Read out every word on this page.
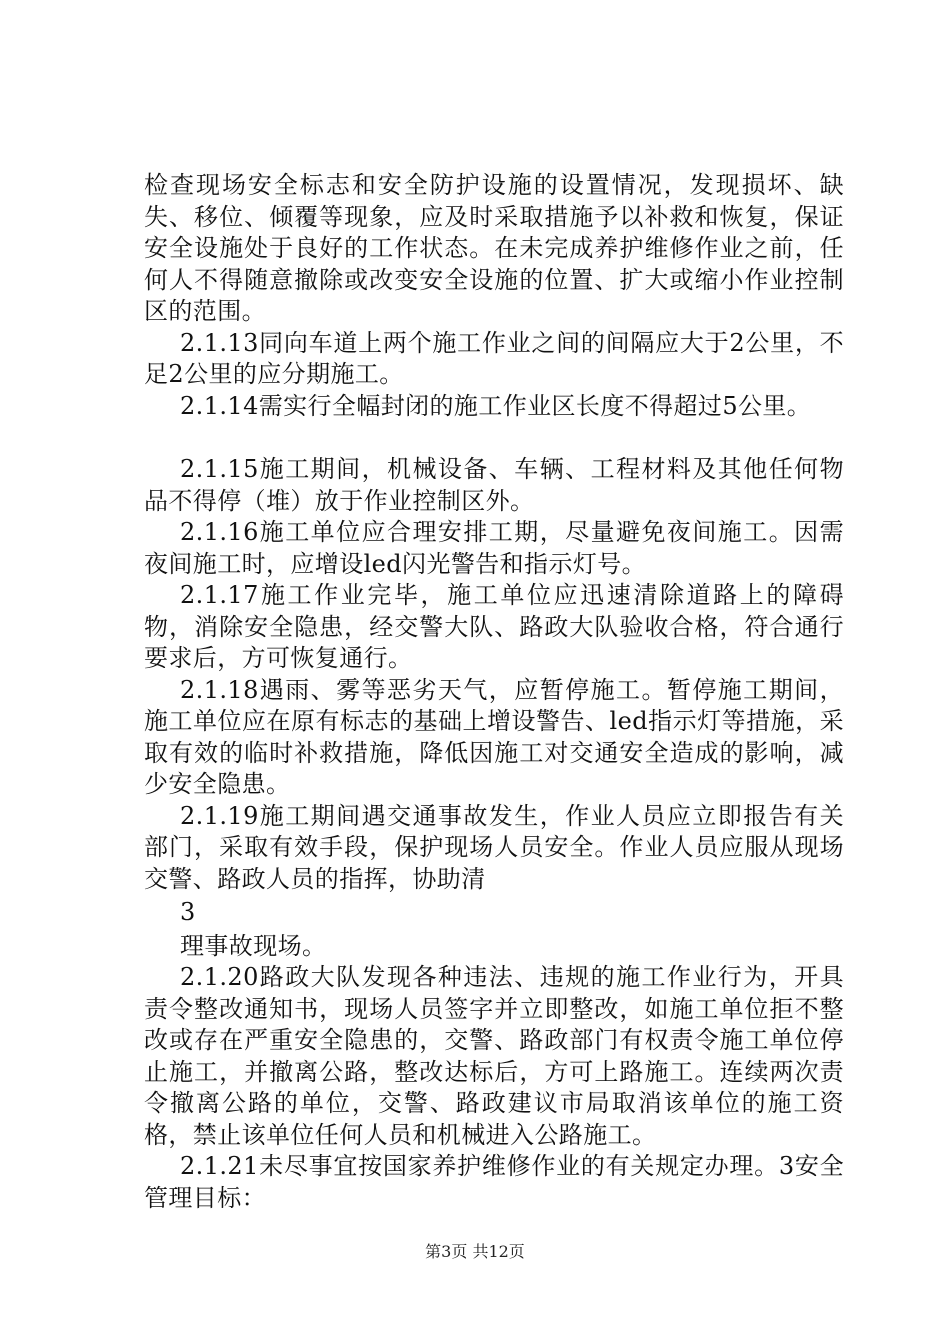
检查现场安全标志和安全防护设施的设置情况，发现损坏、缺失、移位、倾覆等现象，应及时采取措施予以补救和恢复，保证安全设施处于良好的工作状态。在未完成养护维修作业之前，任何人不得随意撤除或改变安全设施的位置、扩大或缩小作业控制区的范围。

2.1.13同向车道上两个施工作业之间的间隔应大于2公里，不足2公里的应分期施工。

2.1.14需实行全幅封闭的施工作业区长度不得超过5公里。

2.1.15施工期间，机械设备、车辆、工程材料及其他任何物品不得停（堆）放于作业控制区外。

2.1.16施工单位应合理安排工期，尽量避免夜间施工。因需夜间施工时，应增设led闪光警告和指示灯号。

2.1.17施工作业完毕，施工单位应迅速清除道路上的障碍物，消除安全隐患，经交警大队、路政大队验收合格，符合通行要求后，方可恢复通行。

2.1.18遇雨、雾等恶劣天气，应暂停施工。暂停施工期间，施工单位应在原有标志的基础上增设警告、led指示灯等措施，采取有效的临时补救措施，降低因施工对交通安全造成的影响，减少安全隐患。

2.1.19施工期间遇交通事故发生，作业人员应立即报告有关部门，采取有效手段，保护现场人员安全。作业人员应服从现场交警、路政人员的指挥，协助清

3

理事故现场。

2.1.20路政大队发现各种违法、违规的施工作业行为，开具责令整改通知书，现场人员签字并立即整改，如施工单位拒不整改或存在严重安全隐患的，交警、路政部门有权责令施工单位停止施工，并撤离公路，整改达标后，方可上路施工。连续两次责令撤离公路的单位，交警、路政建议市局取消该单位的施工资格，禁止该单位任何人员和机械进入公路施工。

2.1.21未尽事宜按国家养护维修作业的有关规定办理。3安全管理目标：

第3页 共12页
